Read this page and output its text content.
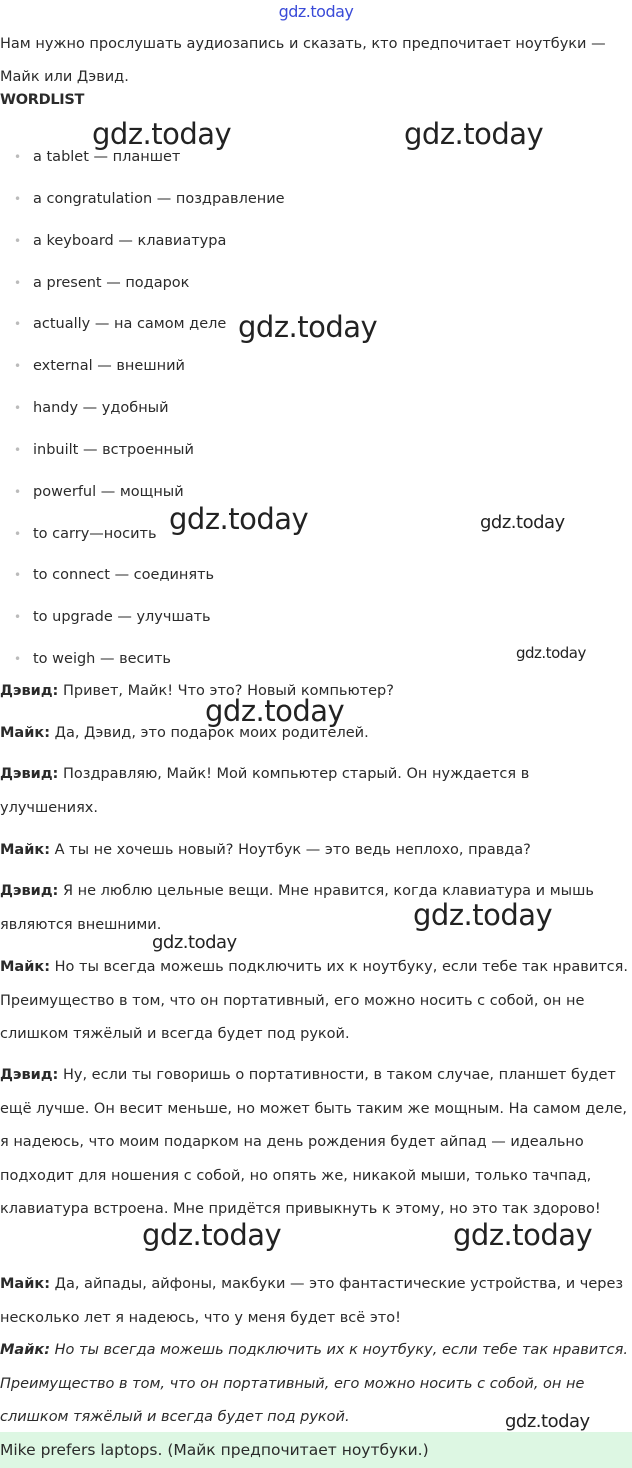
gdz.today
Нам нужно прослушать аудиозапись и сказать, кто предпочитает ноутбуки — Майк или Дэвид.
WORDLIST
• a tablet — планшет
• a congratulation — поздравление
• a keyboard — клавиатура
• a present — подарок
• actually — на самом деле
• external — внешний
• handy — удобный
• inbuilt — встроенный
• powerful — мощный
• to carry—носить
• to connect — соединять
• to upgrade — улучшать
• to weigh — весить
Дэвид: Привет, Майк! Что это? Новый компьютер?
Майк: Да, Дэвид, это подарок моих родителей.
Дэвид: Поздравляю, Майк! Мой компьютер старый. Он нуждается в улучшениях.
Майк: А ты не хочешь новый? Ноутбук — это ведь неплохо, правда?
Дэвид: Я не люблю цельные вещи. Мне нравится, когда клавиатура и мышь являются внешними.
Майк: Но ты всегда можешь подключить их к ноутбуку, если тебе так нравится. Преимущество в том, что он портативный, его можно носить с собой, он не слишком тяжёлый и всегда будет под рукой.
Дэвид: Ну, если ты говоришь о портативности, в таком случае, планшет будет ещё лучше. Он весит меньше, но может быть таким же мощным. На самом деле, я надеюсь, что моим подарком на день рождения будет айпад — идеально подходит для ношения с собой, но опять же, никакой мыши, только тачпад, клавиатура встроена. Мне придётся привыкнуть к этому, но это так здорово!
Майк: Да, айпады, айфоны, макбуки — это фантастические устройства, и через несколько лет я надеюсь, что у меня будет всё это!
Майк: Но ты всегда можешь подключить их к ноутбуку, если тебе так нравится. Преимущество в том, что он портативный, его можно носить с собой, он не слишком тяжёлый и всегда будет под рукой.
Mike prefers laptops. (Майк предпочитает ноутбуки.)
gdz.today	gdz.today
gdz.today
gdz.today	gdz.today
gdz.today
gdz.today
gdz.today
gdz.today
gdz.today	gdz.today
gdz.today
